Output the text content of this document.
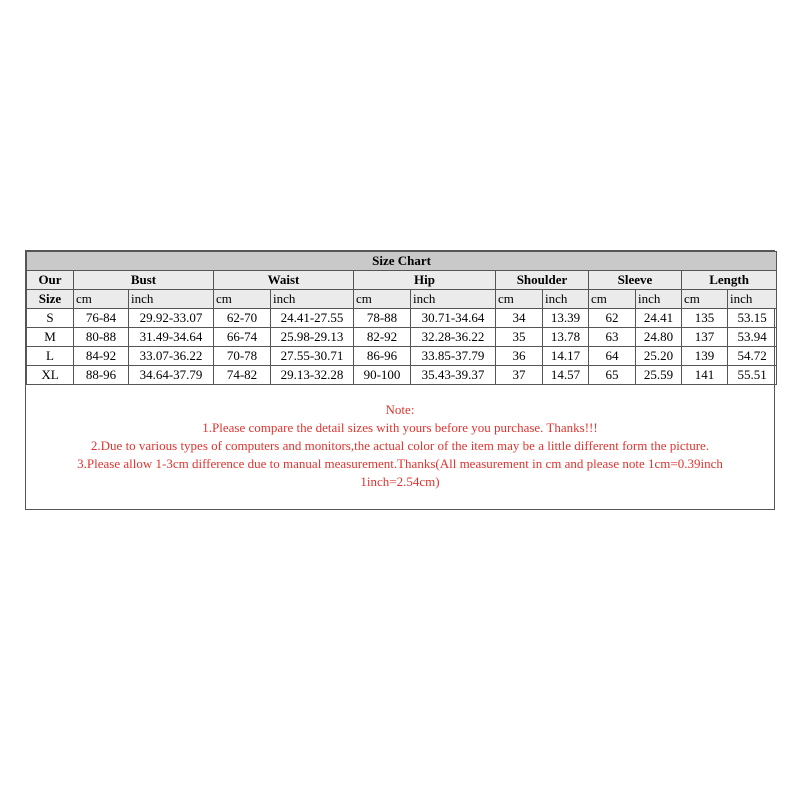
Size Chart												
Our	Bust		Waist		Hip		Shoulder		Sleeve		Length	
Size	cm	inch	cm	inch	cm	inch	cm	inch	cm	inch	cm	inch
S	76-84	29.92-33.07	62-70	24.41-27.55	78-88	30.71-34.64	34	13.39	62	24.41	135	53.15
M	80-88	31.49-34.64	66-74	25.98-29.13	82-92	32.28-36.22	35	13.78	63	24.80	137	53.94
L	84-92	33.07-36.22	70-78	27.55-30.71	86-96	33.85-37.79	36	14.17	64	25.20	139	54.72
XL	88-96	34.64-37.79	74-82	29.13-32.28	90-100	35.43-39.37	37	14.57	65	25.59	141	55.51
Note:
1.Please compare the detail sizes with yours before you purchase. Thanks!!!
2.Due to various types of computers and monitors,the actual color of the item may be a little different form the picture.
3.Please allow 1-3cm difference due to manual measurement.Thanks(All measurement in cm and please note 1cm=0.39inch
1inch=2.54cm)
